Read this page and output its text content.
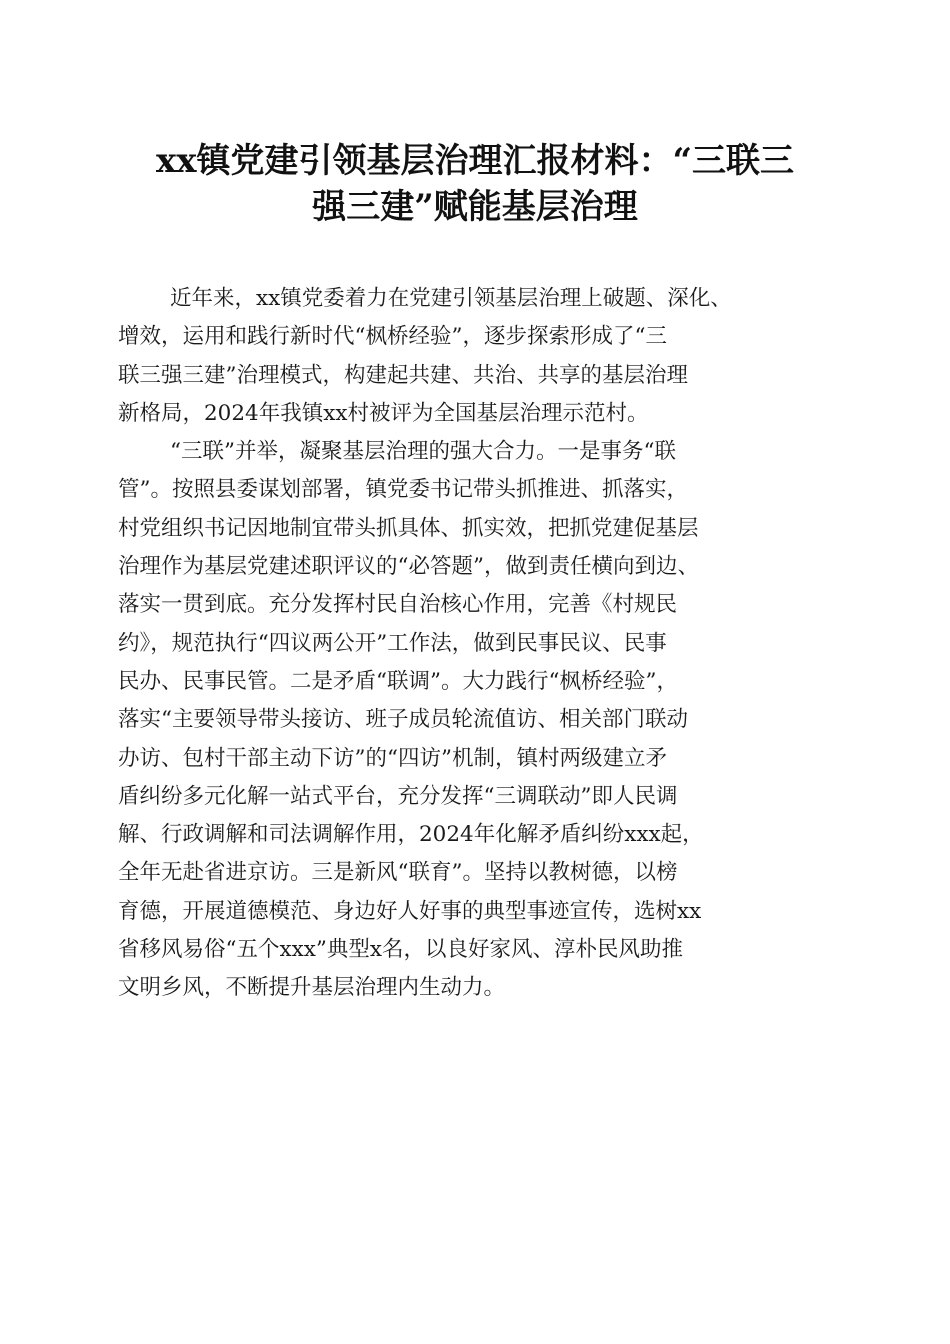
xx镇党建引领基层治理汇报材料：“三联三
强三建”赋能基层治理
近年来，xx镇党委着力在党建引领基层治理上破题、深化、
增效，运用和践行新时代“枫桥经验”，逐步探索形成了“三
联三强三建”治理模式，构建起共建、共治、共享的基层治理
新格局，2024年我镇xx村被评为全国基层治理示范村。
“三联”并举，凝聚基层治理的强大合力。一是事务“联
管”。按照县委谋划部署，镇党委书记带头抓推进、抓落实，
村党组织书记因地制宜带头抓具体、抓实效，把抓党建促基层
治理作为基层党建述职评议的“必答题”，做到责任横向到边、
落实一贯到底。充分发挥村民自治核心作用，完善《村规民
约》，规范执行“四议两公开”工作法，做到民事民议、民事
民办、民事民管。二是矛盾“联调”。大力践行“枫桥经验”，
落实“主要领导带头接访、班子成员轮流值访、相关部门联动
办访、包村干部主动下访”的“四访”机制，镇村两级建立矛
盾纠纷多元化解一站式平台，充分发挥“三调联动”即人民调
解、行政调解和司法调解作用，2024年化解矛盾纠纷xxx起，
全年无赴省进京访。三是新风“联育”。坚持以教树德，以榜
育德，开展道德模范、身边好人好事的典型事迹宣传，选树xx
省移风易俗“五个xxx”典型x名，以良好家风、淳朴民风助推
文明乡风，不断提升基层治理内生动力。
